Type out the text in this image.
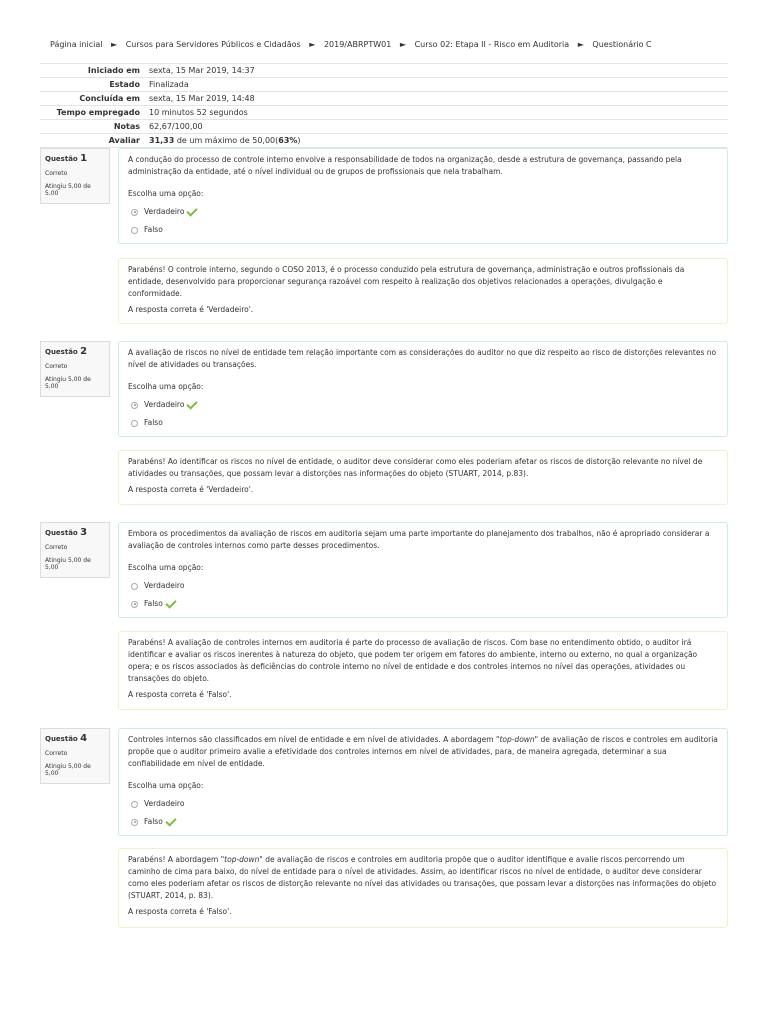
Página inicial ► Cursos para Servidores Públicos e Cidadãos ► 2019/ABRPTW01 ► Curso 02: Etapa II - Risco em Auditoria ► Questionário C
Iniciado em	sexta, 15 Mar 2019, 14:37
Estado	Finalizada
Concluída em	sexta, 15 Mar 2019, 14:48
Tempo empregado	10 minutos 52 segundos
Notas	62,67/100,00
Avaliar	31,33 de um máximo de 50,00(63%)
Questão 1
Correto
Atingiu 5,00 de 5,00
A condução do processo de controle interno envolve a responsabilidade de todos na organização, desde a estrutura de governança, passando pela administração da entidade, até o nível individual ou de grupos de profissionais que nela trabalham.
Escolha uma opção:
Verdadeiro
Falso
Parabéns! O controle interno, segundo o COSO 2013, é o processo conduzido pela estrutura de governança, administração e outros profissionais da entidade, desenvolvido para proporcionar segurança razoável com respeito à realização dos objetivos relacionados a operações, divulgação e conformidade.
A resposta correta é 'Verdadeiro'.
Questão 2
Correto
Atingiu 5,00 de 5,00
A avaliação de riscos no nível de entidade tem relação importante com as considerações do auditor no que diz respeito ao risco de distorções relevantes no nível de atividades ou transações.
Escolha uma opção:
Verdadeiro
Falso
Parabéns! Ao identificar os riscos no nível de entidade, o auditor deve considerar como eles poderiam afetar os riscos de distorção relevante no nível de atividades ou transações, que possam levar a distorções nas informações do objeto (STUART, 2014, p.83).
A resposta correta é 'Verdadeiro'.
Questão 3
Correto
Atingiu 5,00 de 5,00
Embora os procedimentos da avaliação de riscos em auditoria sejam uma parte importante do planejamento dos trabalhos, não é apropriado considerar a avaliação de controles internos como parte desses procedimentos.
Escolha uma opção:
Verdadeiro
Falso
Parabéns! A avaliação de controles internos em auditoria é parte do processo de avaliação de riscos. Com base no entendimento obtido, o auditor irá identificar e avaliar os riscos inerentes à natureza do objeto, que podem ter origem em fatores do ambiente, interno ou externo, no qual a organização opera; e os riscos associados às deficiências do controle interno no nível de entidade e dos controles internos no nível das operações, atividades ou transações do objeto.
A resposta correta é 'Falso'.
Questão 4
Correto
Atingiu 5,00 de 5,00
Controles internos são classificados em nível de entidade e em nível de atividades. A abordagem "top-down" de avaliação de riscos e controles em auditoria propõe que o auditor primeiro avalie a efetividade dos controles internos em nível de atividades, para, de maneira agregada, determinar a sua confiabilidade em nível de entidade.
Escolha uma opção:
Verdadeiro
Falso
Parabéns! A abordagem "top-down" de avaliação de riscos e controles em auditoria propõe que o auditor identifique e avalie riscos percorrendo um caminho de cima para baixo, do nível de entidade para o nível de atividades. Assim, ao identificar riscos no nível de entidade, o auditor deve considerar como eles poderiam afetar os riscos de distorção relevante no nível das atividades ou transações, que possam levar a distorções nas informações do objeto (STUART, 2014, p. 83).
A resposta correta é 'Falso'.
